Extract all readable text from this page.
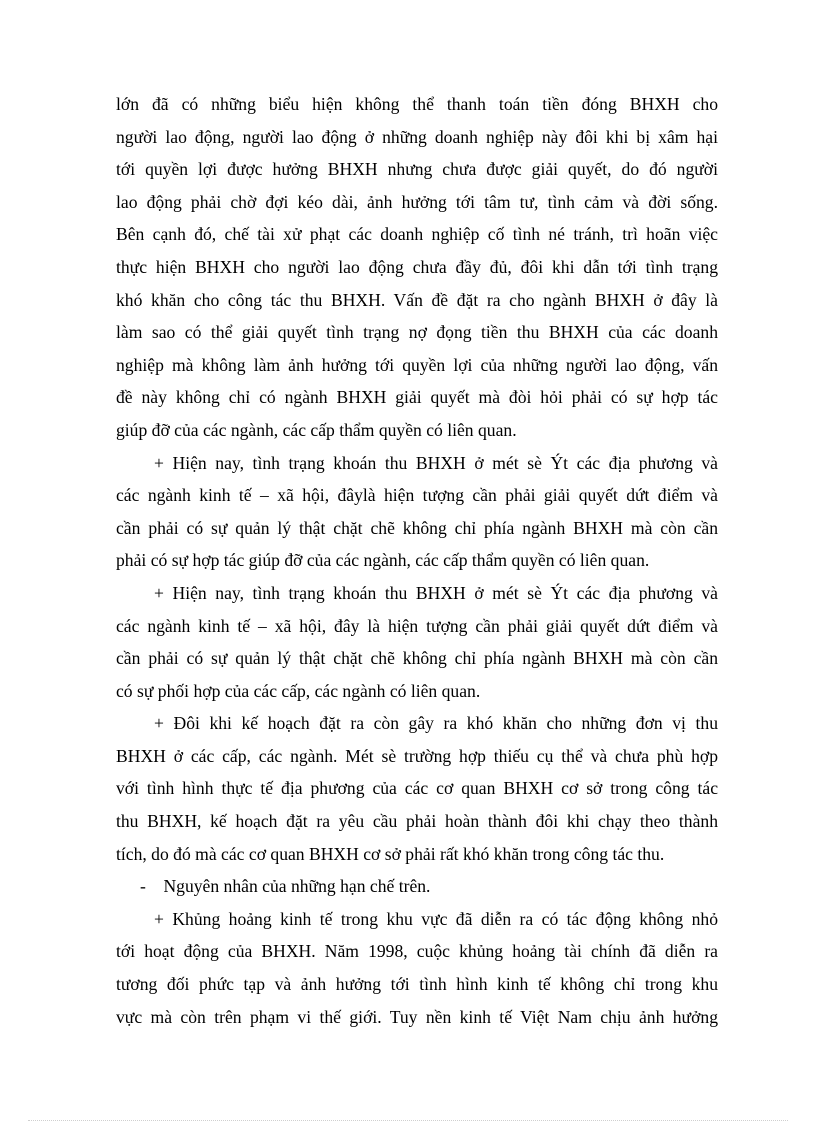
lớn đã có những biểu hiện không thể thanh toán tiền đóng BHXH cho
người lao động, người lao động ở những doanh nghiệp này đôi khi bị xâm hại
tới quyền lợi được hưởng BHXH nhưng chưa được giải quyết, do đó người
lao động phải chờ đợi kéo dài, ảnh hưởng tới tâm tư, tình cảm và đời sống.
Bên cạnh đó, chế tài xử phạt các doanh nghiệp cố tình né tránh, trì hoãn việc
thực hiện BHXH cho người lao động chưa đầy đủ, đôi khi dẫn tới tình trạng
khó khăn cho công tác thu BHXH. Vấn đề đặt ra cho ngành BHXH ở đây là
làm sao có thể giải quyết tình trạng nợ đọng tiền thu BHXH của các doanh
nghiệp mà không làm ảnh hưởng tới quyền lợi của những người lao động, vấn
đề này không chỉ có ngành BHXH giải quyết mà đòi hỏi phải có sự hợp tác
giúp đỡ của các ngành, các cấp thẩm quyền có liên quan.
+ Hiện nay, tình trạng khoán thu BHXH ở mét sè Ýt các địa phương và
các ngành kinh tế – xã hội, đâylà hiện tượng cần phải giải quyết dứt điểm và
cần phải có sự quản lý thật chặt chẽ không chỉ phía ngành BHXH mà còn cần
phải có sự hợp tác giúp đỡ của các ngành, các cấp thẩm quyền có liên quan.
+ Hiện nay, tình trạng khoán thu BHXH ở mét sè Ýt các địa phương và
các ngành kinh tế – xã hội, đây là hiện tượng cần phải giải quyết dứt điểm và
cần phải có sự quản lý thật chặt chẽ không chỉ phía ngành BHXH mà còn cần
có sự phối hợp của các cấp, các ngành có liên quan.
+ Đôi khi kế hoạch đặt ra còn gây ra khó khăn cho những đơn vị thu
BHXH ở các cấp, các ngành. Mét sè trường hợp thiếu cụ thể và chưa phù hợp
với tình hình thực tế địa phương của các cơ quan BHXH cơ sở trong công tác
thu BHXH, kế hoạch đặt ra yêu cầu phải hoàn thành đôi khi chạy theo thành
tích, do đó mà các cơ quan BHXH cơ sở phải rất khó khăn trong công tác thu.
-    Nguyên nhân của những hạn chế trên.
+ Khủng hoảng kinh tế trong khu vực đã diễn ra có tác động không nhỏ
tới hoạt động của BHXH. Năm 1998, cuộc khủng hoảng tài chính đã diễn ra
tương đối phức tạp và ảnh hưởng tới tình hình kinh tế không chỉ trong khu
vực mà còn trên phạm vi thế giới. Tuy nền kinh tế Việt Nam chịu ảnh hưởng
